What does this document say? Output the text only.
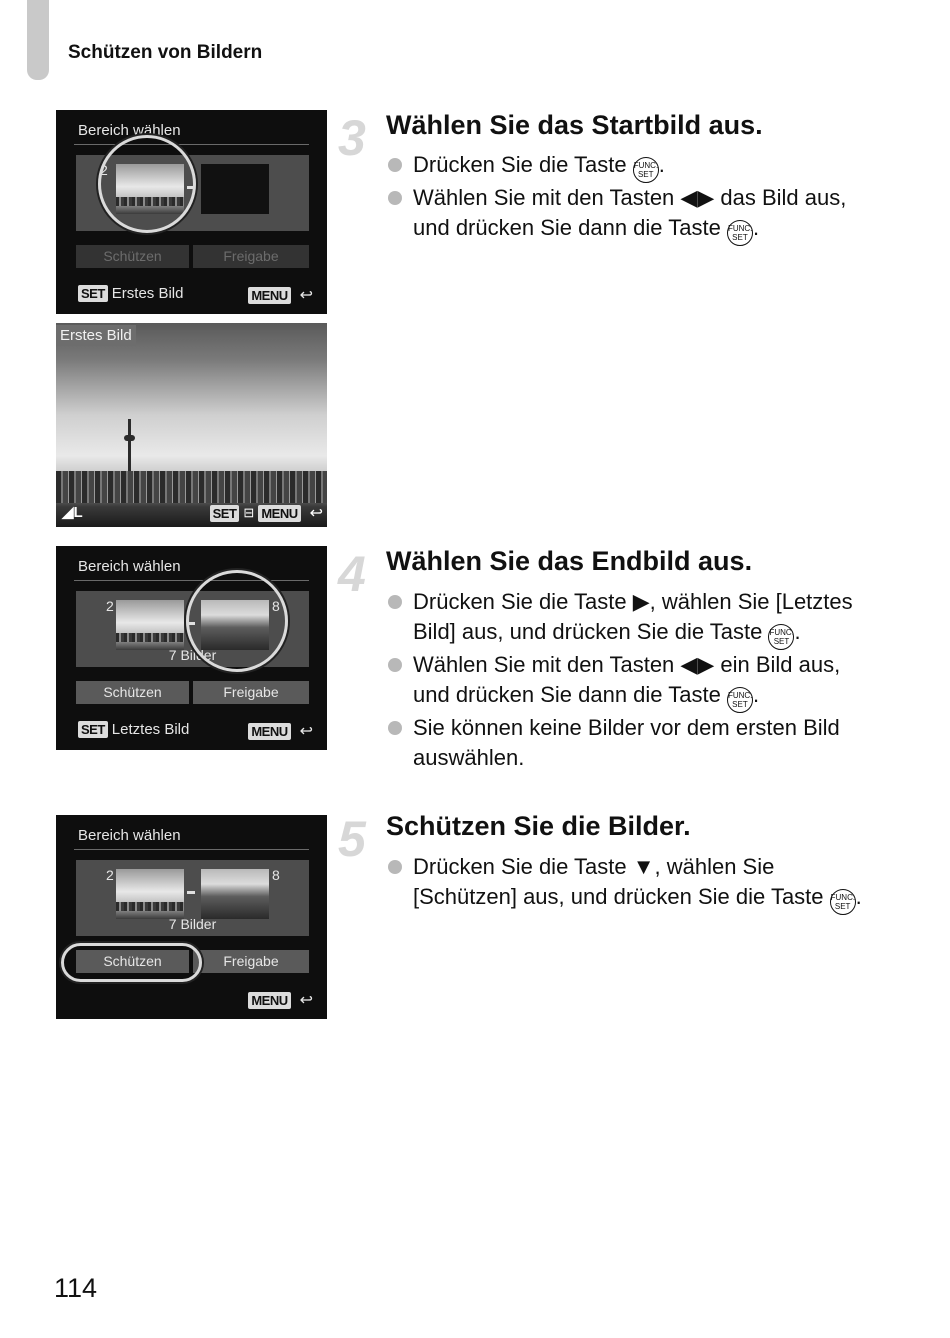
Schützen von Bildern
Bereich wählen
2
Schützen	Freigabe
SET Erstes Bild	MENU ↩
Erstes Bild
◢L	SET ⊟ MENU ↩
Bereich wählen
2	8
7 Bilder
Schützen	Freigabe
SET Letztes Bild	MENU ↩
Bereich wählen
2	8
7 Bilder
Schützen	Freigabe
MENU ↩
3 Wählen Sie das Startbild aus.
Drücken Sie die Taste FUNC.
SET .
Wählen Sie mit den Tasten ◀▶ das Bild aus, und drücken Sie dann die Taste FUNC.
SET .
4 Wählen Sie das Endbild aus.
Drücken Sie die Taste ▶, wählen Sie [Letztes Bild] aus, und drücken Sie die Taste FUNC.
SET .
Wählen Sie mit den Tasten ◀▶ ein Bild aus, und drücken Sie dann die Taste FUNC.
SET .
Sie können keine Bilder vor dem ersten Bild auswählen.
5 Schützen Sie die Bilder.
Drücken Sie die Taste ▼, wählen Sie [Schützen] aus, und drücken Sie die Taste FUNC.
SET .
114
